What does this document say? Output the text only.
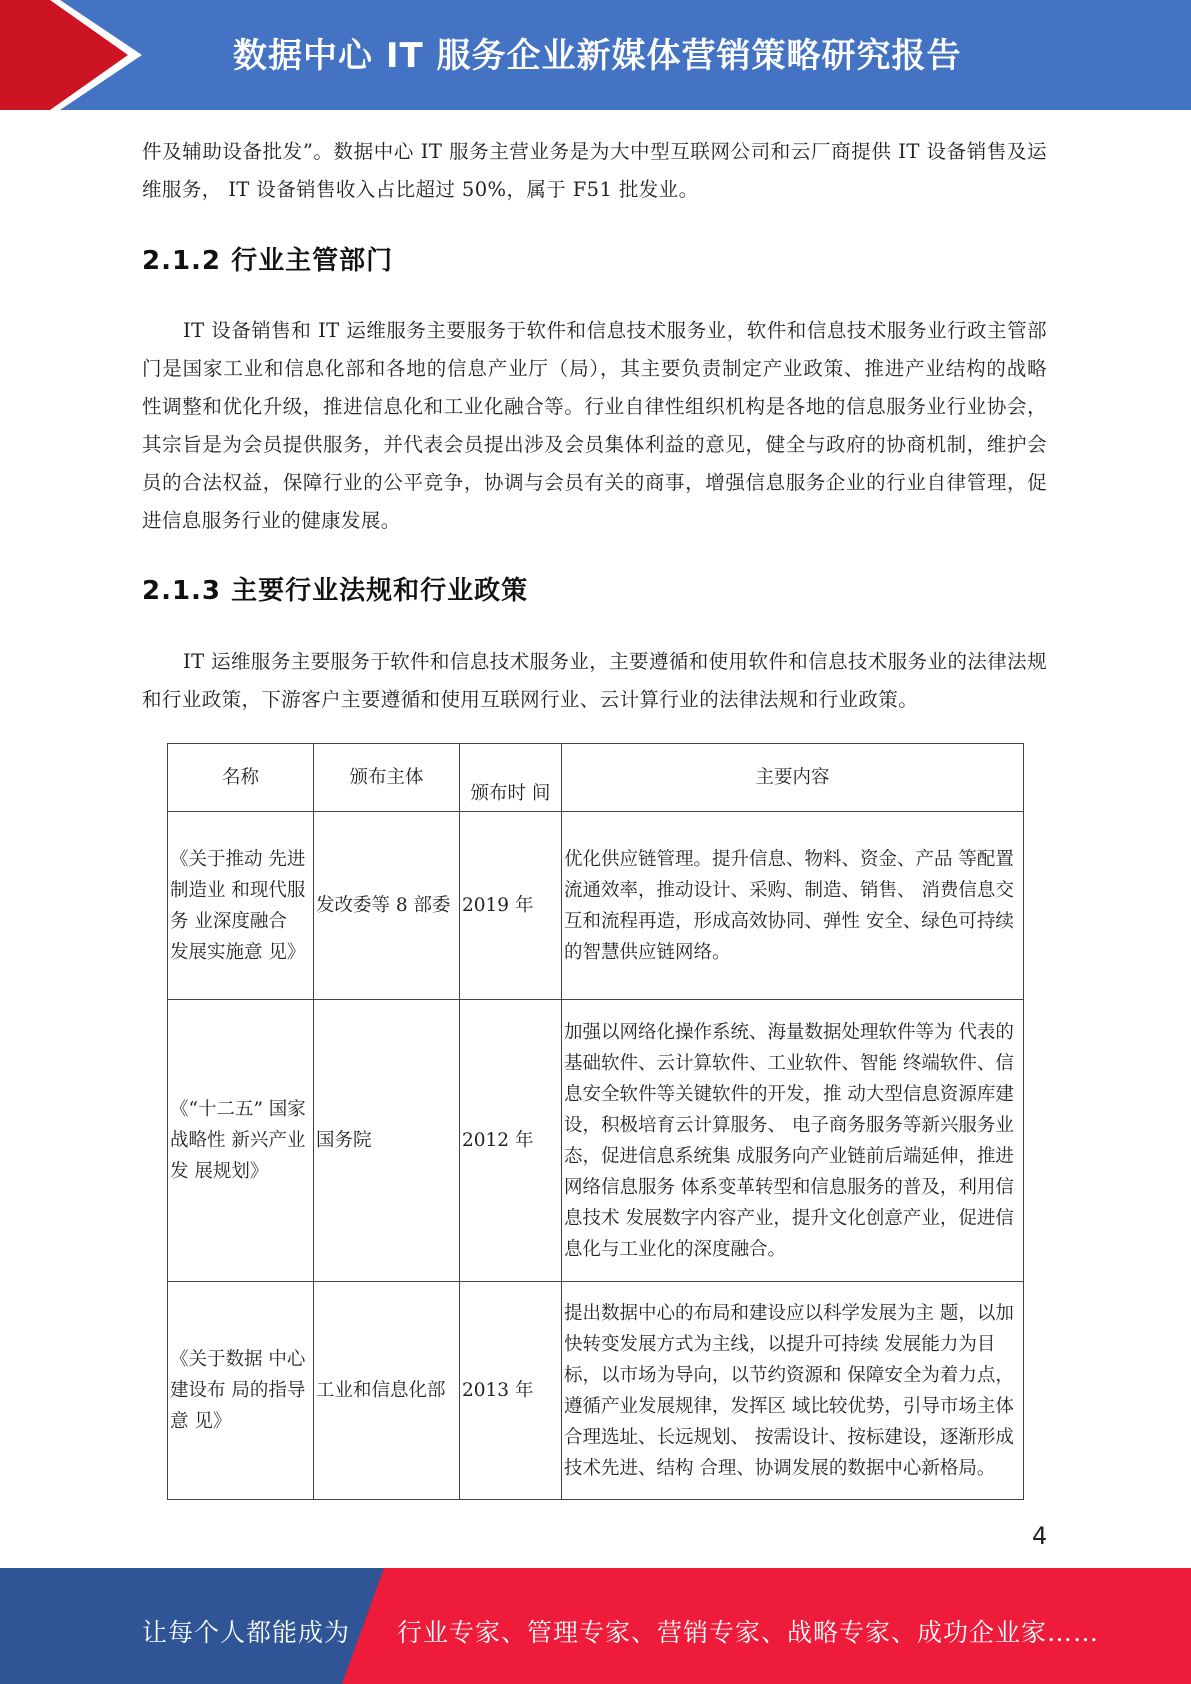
数据中心 IT 服务企业新媒体营销策略研究报告
件及辅助设备批发”。数据中心 IT 服务主营业务是为大中型互联网公司和云厂商提供 IT 设备销售及运维服务， IT 设备销售收入占比超过 50%，属于 F51 批发业。
2.1.2 行业主管部门
IT 设备销售和 IT 运维服务主要服务于软件和信息技术服务业，软件和信息技术服务业行政主管部门是国家工业和信息化部和各地的信息产业厅（局），其主要负责制定产业政策、推进产业结构的战略性调整和优化升级，推进信息化和工业化融合等。行业自律性组织机构是各地的信息服务业行业协会，其宗旨是为会员提供服务，并代表会员提出涉及会员集体利益的意见，健全与政府的协商机制，维护会员的合法权益，保障行业的公平竞争，协调与会员有关的商事，增强信息服务企业的行业自律管理，促进信息服务行业的健康发展。
2.1.3 主要行业法规和行业政策
IT 运维服务主要服务于软件和信息技术服务业，主要遵循和使用软件和信息技术服务业的法律法规和行业政策，下游客户主要遵循和使用互联网行业、云计算行业的法律法规和行业政策。
名称	颁布主体	颁布时 间	主要内容
《关于推动 先进制造业 和现代服务 业深度融合 发展实施意 见》	发改委等 8 部委	2019 年	优化供应链管理。提升信息、物料、资金、产品 等配置流通效率，推动设计、采购、制造、销售、 消费信息交互和流程再造，形成高效协同、弹性 安全、绿色可持续的智慧供应链网络。
《“十二五” 国家战略性 新兴产业发 展规划》	国务院	2012 年	加强以网络化操作系统、海量数据处理软件等为 代表的基础软件、云计算软件、工业软件、智能 终端软件、信息安全软件等关键软件的开发，推 动大型信息资源库建设，积极培育云计算服务、 电子商务服务等新兴服务业态，促进信息系统集 成服务向产业链前后端延伸，推进网络信息服务 体系变革转型和信息服务的普及，利用信息技术 发展数字内容产业，提升文化创意产业，促进信 息化与工业化的深度融合。
《关于数据 中心建设布 局的指导意 见》	工业和信息化部	2013 年	提出数据中心的布局和建设应以科学发展为主 题，以加快转变发展方式为主线，以提升可持续 发展能力为目标，以市场为导向，以节约资源和 保障安全为着力点，遵循产业发展规律，发挥区 域比较优势，引导市场主体合理选址、长远规划、 按需设计、按标建设，逐渐形成技术先进、结构 合理、协调发展的数据中心新格局。
4
让每个人都能成为 行业专家、管理专家、营销专家、战略专家、成功企业家……
